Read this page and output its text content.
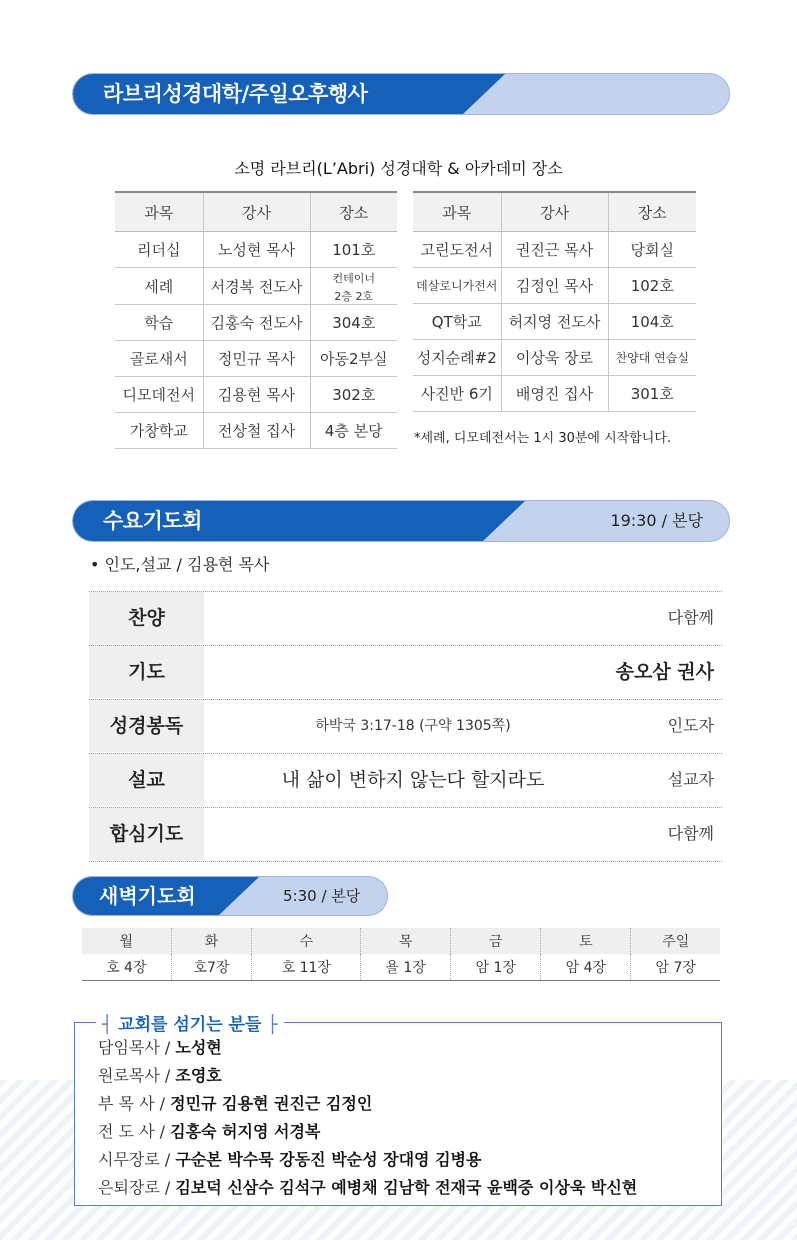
라브리성경대학/주일오후행사
소명 라브리(L’Abri) 성경대학 & 아카데미 장소
과목	강사	장소
리더십	노성현 목사	101호
세례	서경복 전도사	컨테이너
2층 2호
학습	김홍숙 전도사	304호
골로새서	정민규 목사	아동2부실
디모데전서	김용현 목사	302호
가창학교	전상철 집사	4층 본당
과목	강사	장소
고린도전서	권진근 목사	당회실
데살로니가전서	김정인 목사	102호
QT학교	허지영 전도사	104호
성지순례#2	이상욱 장로	찬양대 연습실
사진반 6기	배영진 집사	301호
*세례, 디모데전서는 1시 30분에 시작합니다.
수요기도회	19:30 / 본당
• 인도,설교 / 김용현 목사
찬양	다함께
기도	송오삼 권사
성경봉독	하박국 3:17-18 (구약 1305쪽)	인도자
설교	내 삶이 변하지 않는다 할지라도	설교자
합심기도	다함께
새벽기도회	5:30 / 본당
월	화	수	목	금	토	주일
호 4장	호7장	호 11장	욜 1장	암 1장	암 4장	암 7장
┤ 교회를 섬기는 분들 ├
담임목사 / 노성현
원로목사 / 조영호
부 목 사 / 정민규 김용현 권진근 김정인
전 도 사 / 김홍숙 허지영 서경복
시무장로 / 구순본 박수묵 강동진 박순성 장대영 김병용
은퇴장로 / 김보덕 신삼수 김석구 예병채 김남학 전재국 윤백중 이상욱 박신현
